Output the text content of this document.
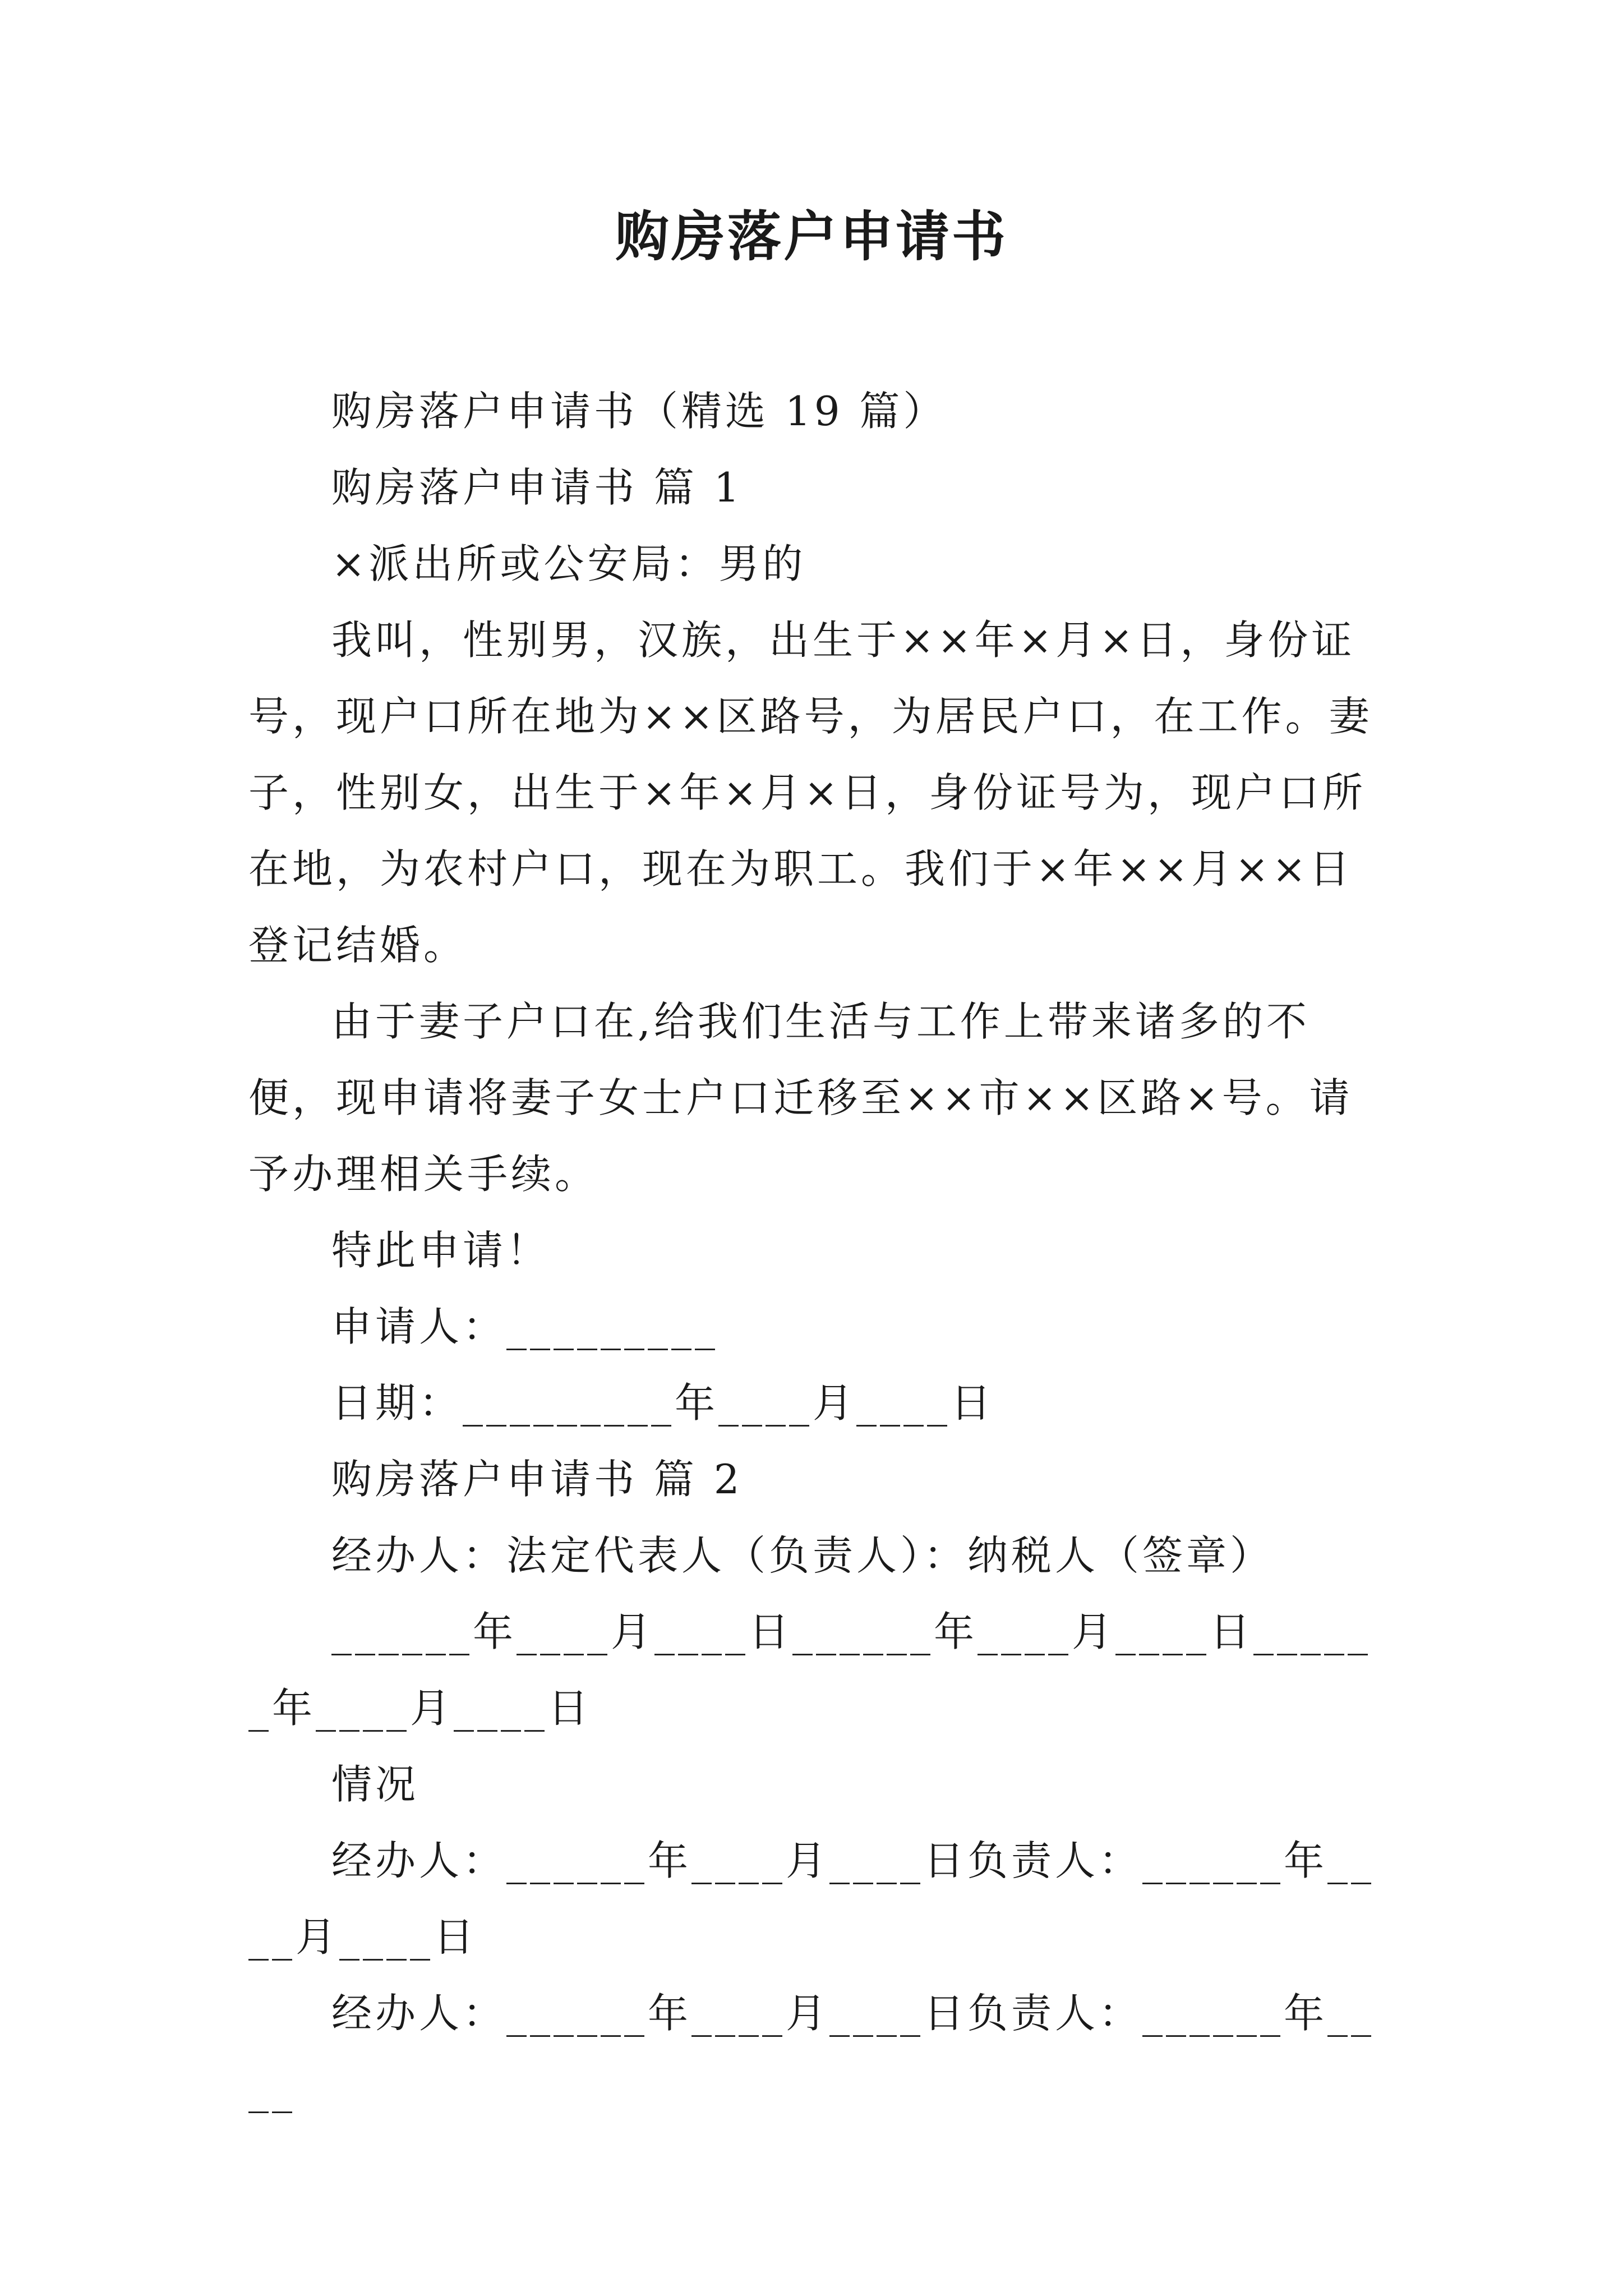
购房落户申请书

购房落户申请书（精选 19 篇）

购房落户申请书 篇 1

×派出所或公安局：男的

我叫，性别男，汉族，出生于××年×月×日，身份证号，现户口所在地为××区路号，为居民户口，在工作。妻子，性别女，出生于×年×月×日，身份证号为，现户口所在地，为农村户口，现在为职工。我们于×年××月××日登记结婚。

由于妻子户口在,给我们生活与工作上带来诸多的不便，现申请将妻子女士户口迁移至××市××区路×号。请予办理相关手续。

特此申请！

申请人：_________

日期：_________年____月____日

购房落户申请书 篇 2

经办人：法定代表人（负责人）：纳税人（签章）

______年____月____日______年____月____日______年____月____日

情况

经办人：______年____月____日负责人：______年____月____日

经办人：______年____月____日负责人：______年____
